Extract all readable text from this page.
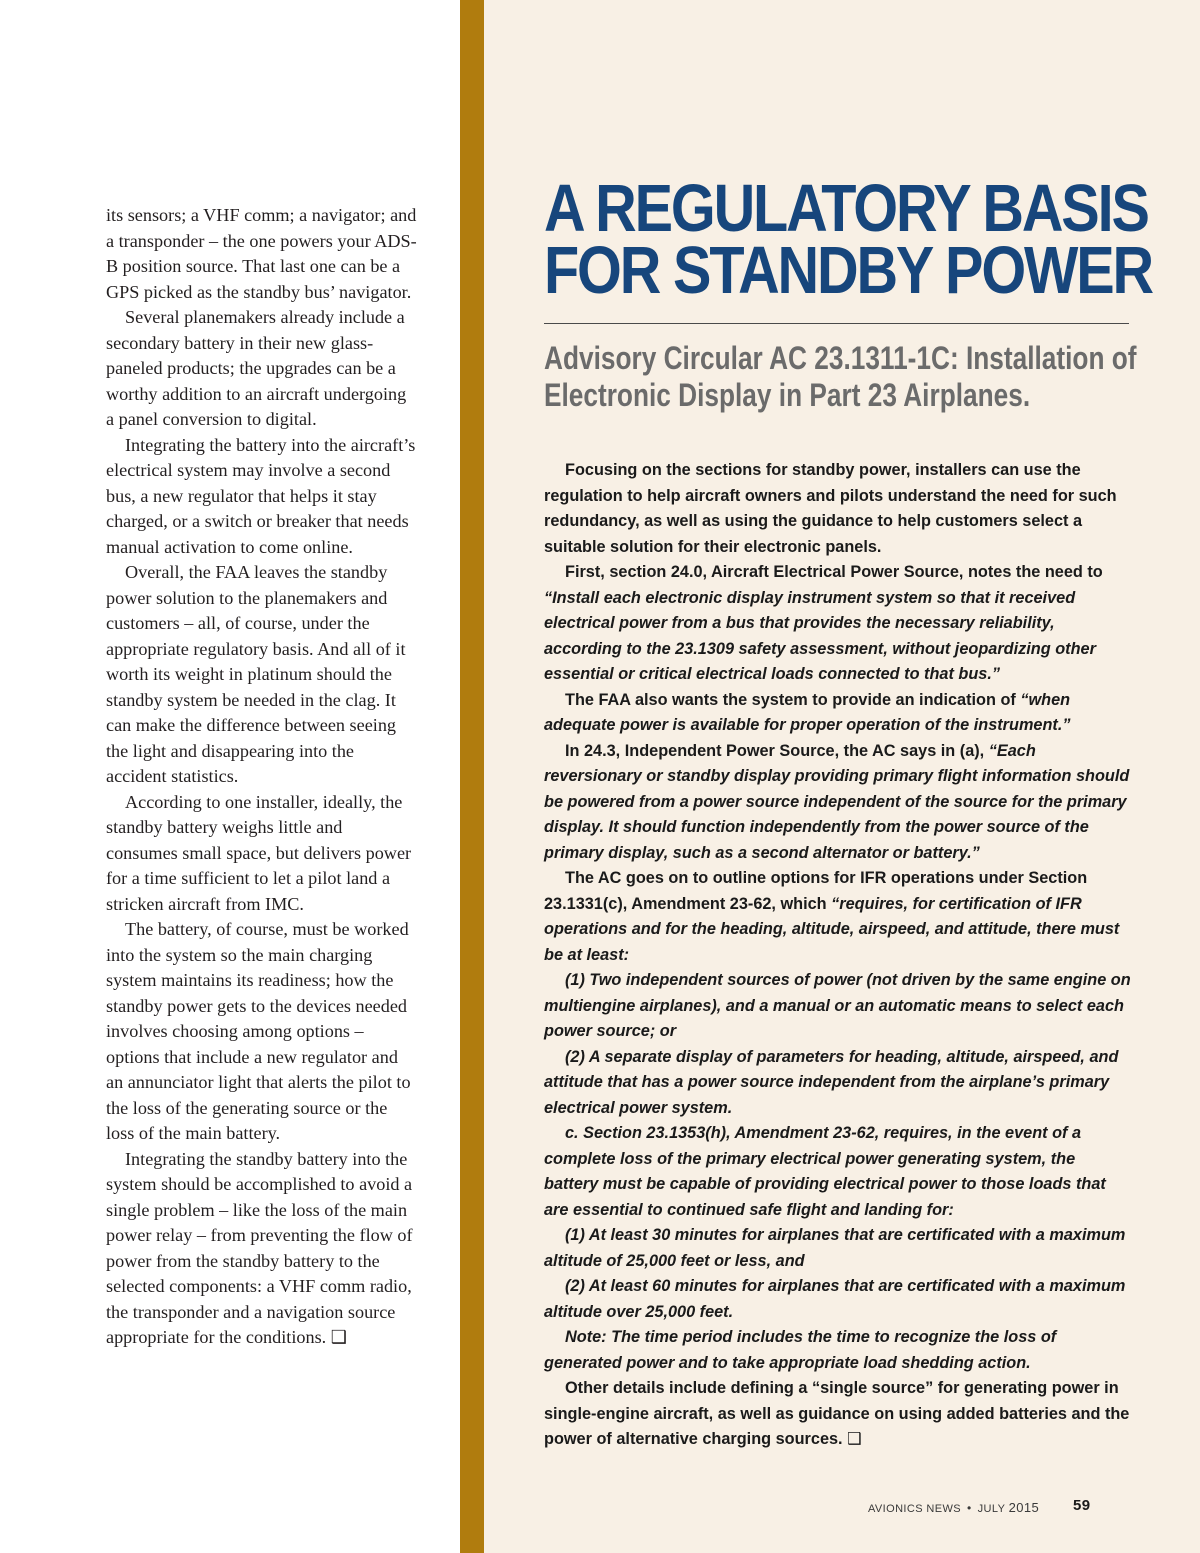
its sensors; a VHF comm; a navigator; and a transponder – the one powers your ADS-B position source. That last one can be a GPS picked as the standby bus’ navigator.

Several planemakers already include a secondary battery in their new glass-paneled products; the upgrades can be a worthy addition to an aircraft undergoing a panel conversion to digital.

Integrating the battery into the aircraft’s electrical system may involve a second bus, a new regulator that helps it stay charged, or a switch or breaker that needs manual activation to come online.

Overall, the FAA leaves the standby power solution to the planemakers and customers – all, of course, under the appropriate regulatory basis. And all of it worth its weight in platinum should the standby system be needed in the clag. It can make the difference between seeing the light and disappearing into the accident statistics.

According to one installer, ideally, the standby battery weighs little and consumes small space, but delivers power for a time sufficient to let a pilot land a stricken aircraft from IMC.

The battery, of course, must be worked into the system so the main charging system maintains its readiness; how the standby power gets to the devices needed involves choosing among options – options that include a new regulator and an annunciator light that alerts the pilot to the loss of the generating source or the loss of the main battery.

Integrating the standby battery into the system should be accomplished to avoid a single problem – like the loss of the main power relay – from preventing the flow of power from the standby battery to the selected components: a VHF comm radio, the transponder and a navigation source appropriate for the conditions. ❑

A REGULATORY BASIS
FOR STANDBY POWER
Advisory Circular AC 23.1311-1C: Installation of
Electronic Display in Part 23 Airplanes.

Focusing on the sections for standby power, installers can use the regulation to help aircraft owners and pilots understand the need for such redundancy, as well as using the guidance to help customers select a suitable solution for their electronic panels.

First, section 24.0, Aircraft Electrical Power Source, notes the need to “Install each electronic display instrument system so that it received electrical power from a bus that provides the necessary reliability, according to the 23.1309 safety assessment, without jeopardizing other essential or critical electrical loads connected to that bus.”

The FAA also wants the system to provide an indication of “when adequate power is available for proper operation of the instrument.”

In 24.3, Independent Power Source, the AC says in (a), “Each reversionary or standby display providing primary flight information should be powered from a power source independent of the source for the primary display. It should function independently from the power source of the primary display, such as a second alternator or battery.”

The AC goes on to outline options for IFR operations under Section 23.1331(c), Amendment 23-62, which “requires, for certification of IFR operations and for the heading, altitude, airspeed, and attitude, there must be at least:

(1) Two independent sources of power (not driven by the same engine on multiengine airplanes), and a manual or an automatic means to select each power source; or

(2) A separate display of parameters for heading, altitude, airspeed, and attitude that has a power source independent from the airplane’s primary electrical power system.

c. Section 23.1353(h), Amendment 23-62, requires, in the event of a complete loss of the primary electrical power generating system, the battery must be capable of providing electrical power to those loads that are essential to continued safe flight and landing for:

(1) At least 30 minutes for airplanes that are certificated with a maximum altitude of 25,000 feet or less, and

(2) At least 60 minutes for airplanes that are certificated with a maximum altitude over 25,000 feet.

Note: The time period includes the time to recognize the loss of generated power and to take appropriate load shedding action.

Other details include defining a “single source” for generating power in single-engine aircraft, as well as guidance on using added batteries and the power of alternative charging sources. ❑

AVIONICS NEWS • JULY 2015 59
